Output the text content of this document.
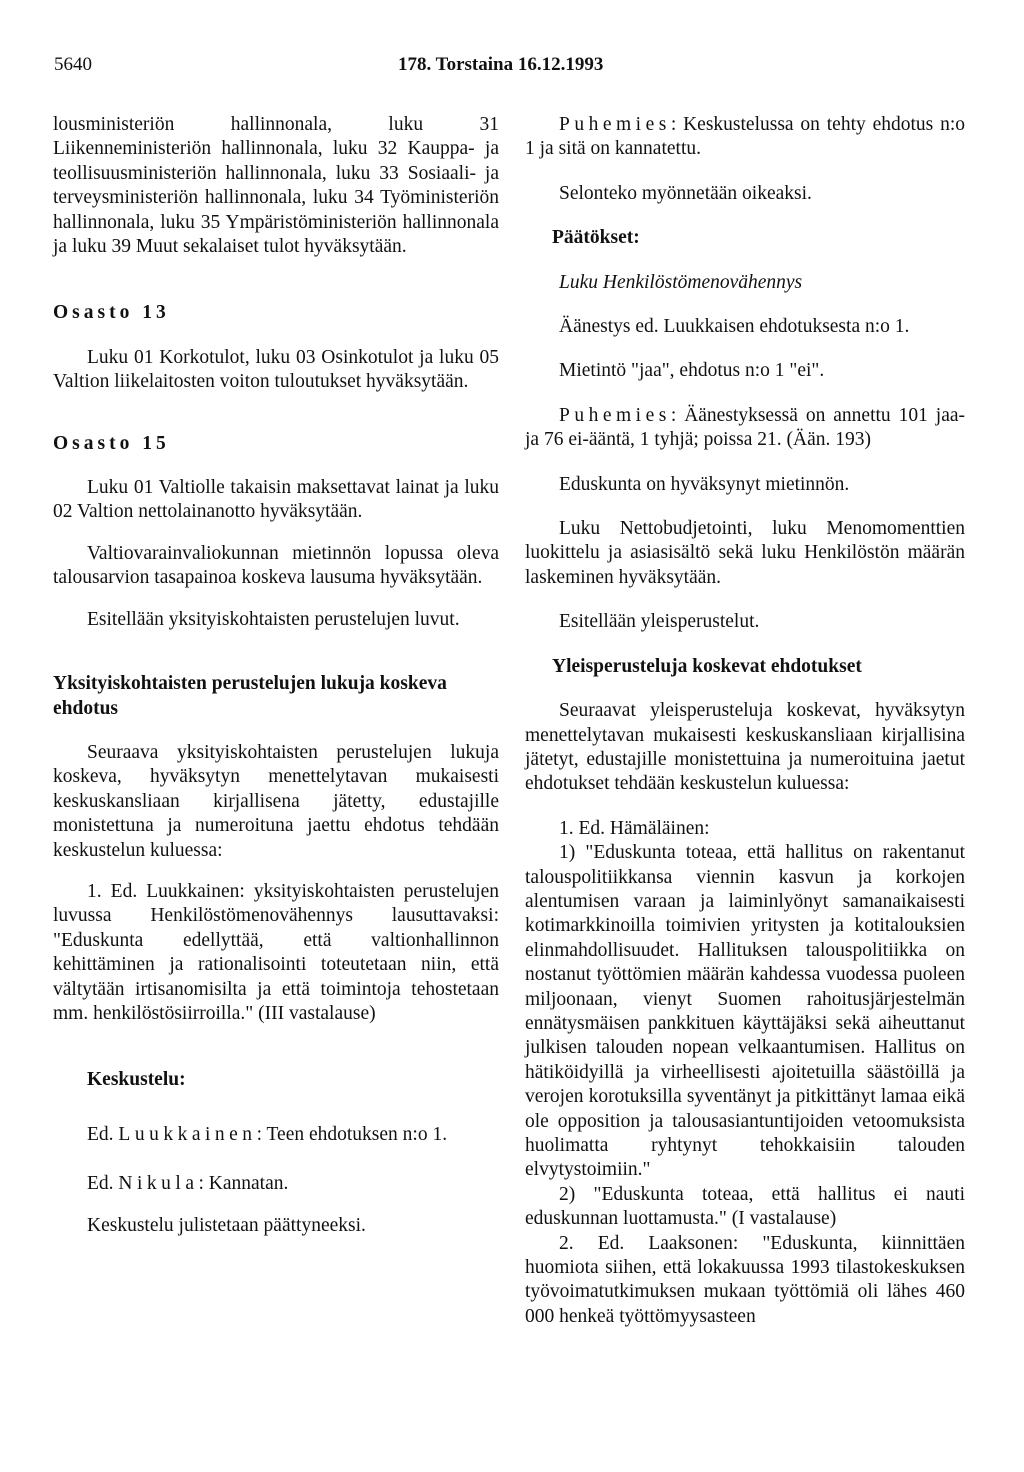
5640	178. Torstaina 16.12.1993

lousministeriön hallinnonala, luku 31 Liikenneministeriön hallinnonala, luku 32 Kauppa- ja teollisuusministeriön hallinnonala, luku 33 Sosiaali- ja terveysministeriön hallinnonala, luku 34 Työministeriön hallinnonala, luku 35 Ympäristöministeriön hallinnonala ja luku 39 Muut sekalaiset tulot hyväksytään.

Osasto 13

Luku 01 Korkotulot, luku 03 Osinkotulot ja luku 05 Valtion liikelaitosten voiton tuloutukset hyväksytään.

Osasto 15

Luku 01 Valtiolle takaisin maksettavat lainat ja luku 02 Valtion nettolainanotto hyväksytään.

Valtiovarainvaliokunnan mietinnön lopussa oleva talousarvion tasapainoa koskeva lausuma hyväksytään.

Esitellään yksityiskohtaisten perustelujen luvut.

Yksityiskohtaisten perustelujen lukuja koskeva ehdotus

Seuraava yksityiskohtaisten perustelujen lukuja koskeva, hyväksytyn menettelytavan mukaisesti keskuskansliaan kirjallisena jätetty, edustajille monistettuna ja numeroituna jaettu ehdotus tehdään keskustelun kuluessa:

1. Ed. Luukkainen: yksityiskohtaisten perustelujen luvussa Henkilöstömenovähennys lausuttavaksi: "Eduskunta edellyttää, että valtionhallinnon kehittäminen ja rationalisointi toteutetaan niin, että vältytään irtisanomisilta ja että toimintoja tehostetaan mm. henkilöstösiirroilla." (III vastalause)

Keskustelu:

Ed. Luukkainen: Teen ehdotuksen n:o 1.

Ed. Nikula: Kannatan.

Keskustelu julistetaan päättyneeksi.

Puhemies: Keskustelussa on tehty ehdotus n:o 1 ja sitä on kannatettu.

Selonteko myönnetään oikeaksi.

Päätökset:

Luku Henkilöstömenovähennys

Äänestys ed. Luukkaisen ehdotuksesta n:o 1.

Mietintö "jaa", ehdotus n:o 1 "ei".

Puhemies: Äänestyksessä on annettu 101 jaa- ja 76 ei-ääntä, 1 tyhjä; poissa 21. (Ään. 193)

Eduskunta on hyväksynyt mietinnön.

Luku Nettobudjetointi, luku Menomomenttien luokittelu ja asiasisältö sekä luku Henkilöstön määrän laskeminen hyväksytään.

Esitellään yleisperustelut.

Yleisperusteluja koskevat ehdotukset

Seuraavat yleisperusteluja koskevat, hyväksytyn menettelytavan mukaisesti keskuskansliaan kirjallisina jätetyt, edustajille monistettuina ja numeroituina jaetut ehdotukset tehdään keskustelun kuluessa:

1. Ed. Hämäläinen:

1) "Eduskunta toteaa, että hallitus on rakentanut talouspolitiikkansa viennin kasvun ja korkojen alentumisen varaan ja laiminlyönyt samanaikaisesti kotimarkkinoilla toimivien yritysten ja kotitalouksien elinmahdollisuudet. Hallituksen talouspolitiikka on nostanut työttömien määrän kahdessa vuodessa puoleen miljoonaan, vienyt Suomen rahoitusjärjestelmän ennätysmäisen pankkituen käyttäjäksi sekä aiheuttanut julkisen talouden nopean velkaantumisen. Hallitus on hätiköidyillä ja virheellisesti ajoitetuilla säästöillä ja verojen korotuksilla syventänyt ja pitkittänyt lamaa eikä ole opposition ja talousasiantuntijoiden vetoomuksista huolimatta ryhtynyt tehokkaisiin talouden elvytystoimiin."

2) "Eduskunta toteaa, että hallitus ei nauti eduskunnan luottamusta." (I vastalause)

2. Ed. Laaksonen: "Eduskunta, kiinnittäen huomiota siihen, että lokakuussa 1993 tilastokeskuksen työvoimatutkimuksen mukaan työttömiä oli lähes 460 000 henkeä työttömyysasteen
